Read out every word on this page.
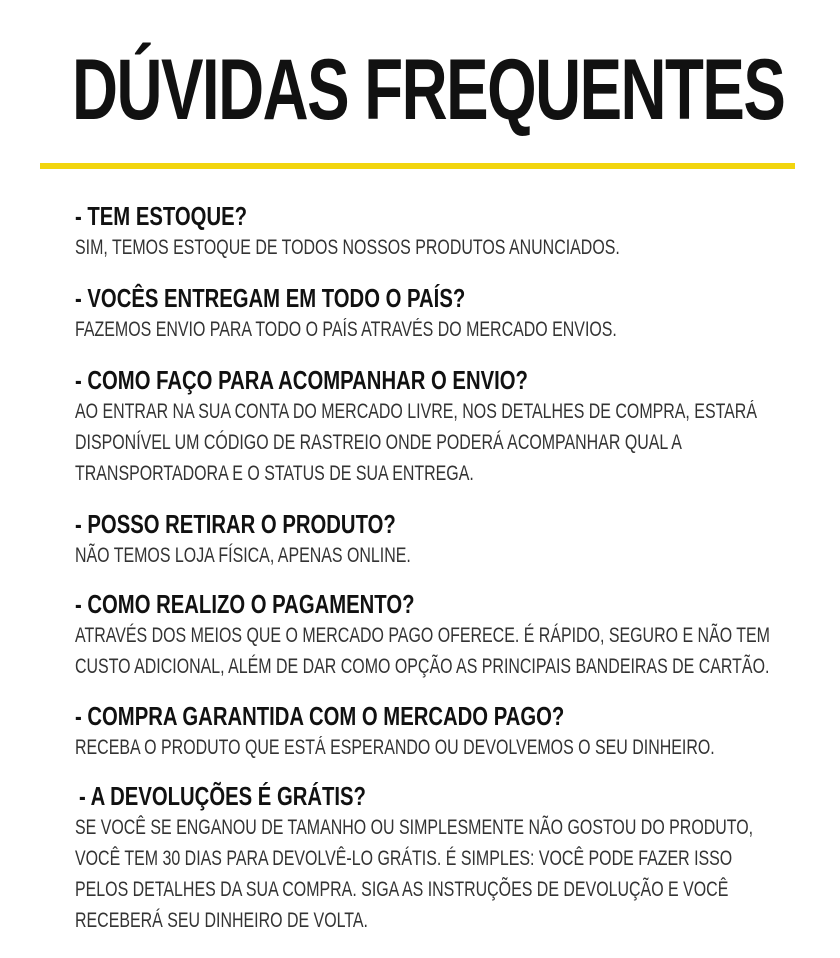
DÚVIDAS FREQUENTES

- TEM ESTOQUE?

SIM, TEMOS ESTOQUE DE TODOS NOSSOS PRODUTOS ANUNCIADOS.

- VOCÊS ENTREGAM EM TODO O PAÍS?

FAZEMOS ENVIO PARA TODO O PAÍS ATRAVÉS DO MERCADO ENVIOS.

- COMO FAÇO PARA ACOMPANHAR O ENVIO?

AO ENTRAR NA SUA CONTA DO MERCADO LIVRE, NOS DETALHES DE COMPRA, ESTARÁ DISPONÍVEL UM CÓDIGO DE RASTREIO ONDE PODERÁ ACOMPANHAR QUAL A TRANSPORTADORA E O STATUS DE SUA ENTREGA.

- POSSO RETIRAR O PRODUTO?

NÃO TEMOS LOJA FÍSICA, APENAS ONLINE.

- COMO REALIZO O PAGAMENTO?

ATRAVÉS DOS MEIOS QUE O MERCADO PAGO OFERECE. É RÁPIDO, SEGURO E NÃO TEM CUSTO ADICIONAL, ALÉM DE DAR COMO OPÇÃO AS PRINCIPAIS BANDEIRAS DE CARTÃO.

- COMPRA GARANTIDA COM O MERCADO PAGO?

RECEBA O PRODUTO QUE ESTÁ ESPERANDO OU DEVOLVEMOS O SEU DINHEIRO.

- A DEVOLUÇÕES É GRÁTIS?

SE VOCÊ SE ENGANOU DE TAMANHO OU SIMPLESMENTE NÃO GOSTOU DO PRODUTO, VOCÊ TEM 30 DIAS PARA DEVOLVÊ-LO GRÁTIS. É SIMPLES: VOCÊ PODE FAZER ISSO PELOS DETALHES DA SUA COMPRA. SIGA AS INSTRUÇÕES DE DEVOLUÇÃO E VOCÊ RECEBERÁ SEU DINHEIRO DE VOLTA.
